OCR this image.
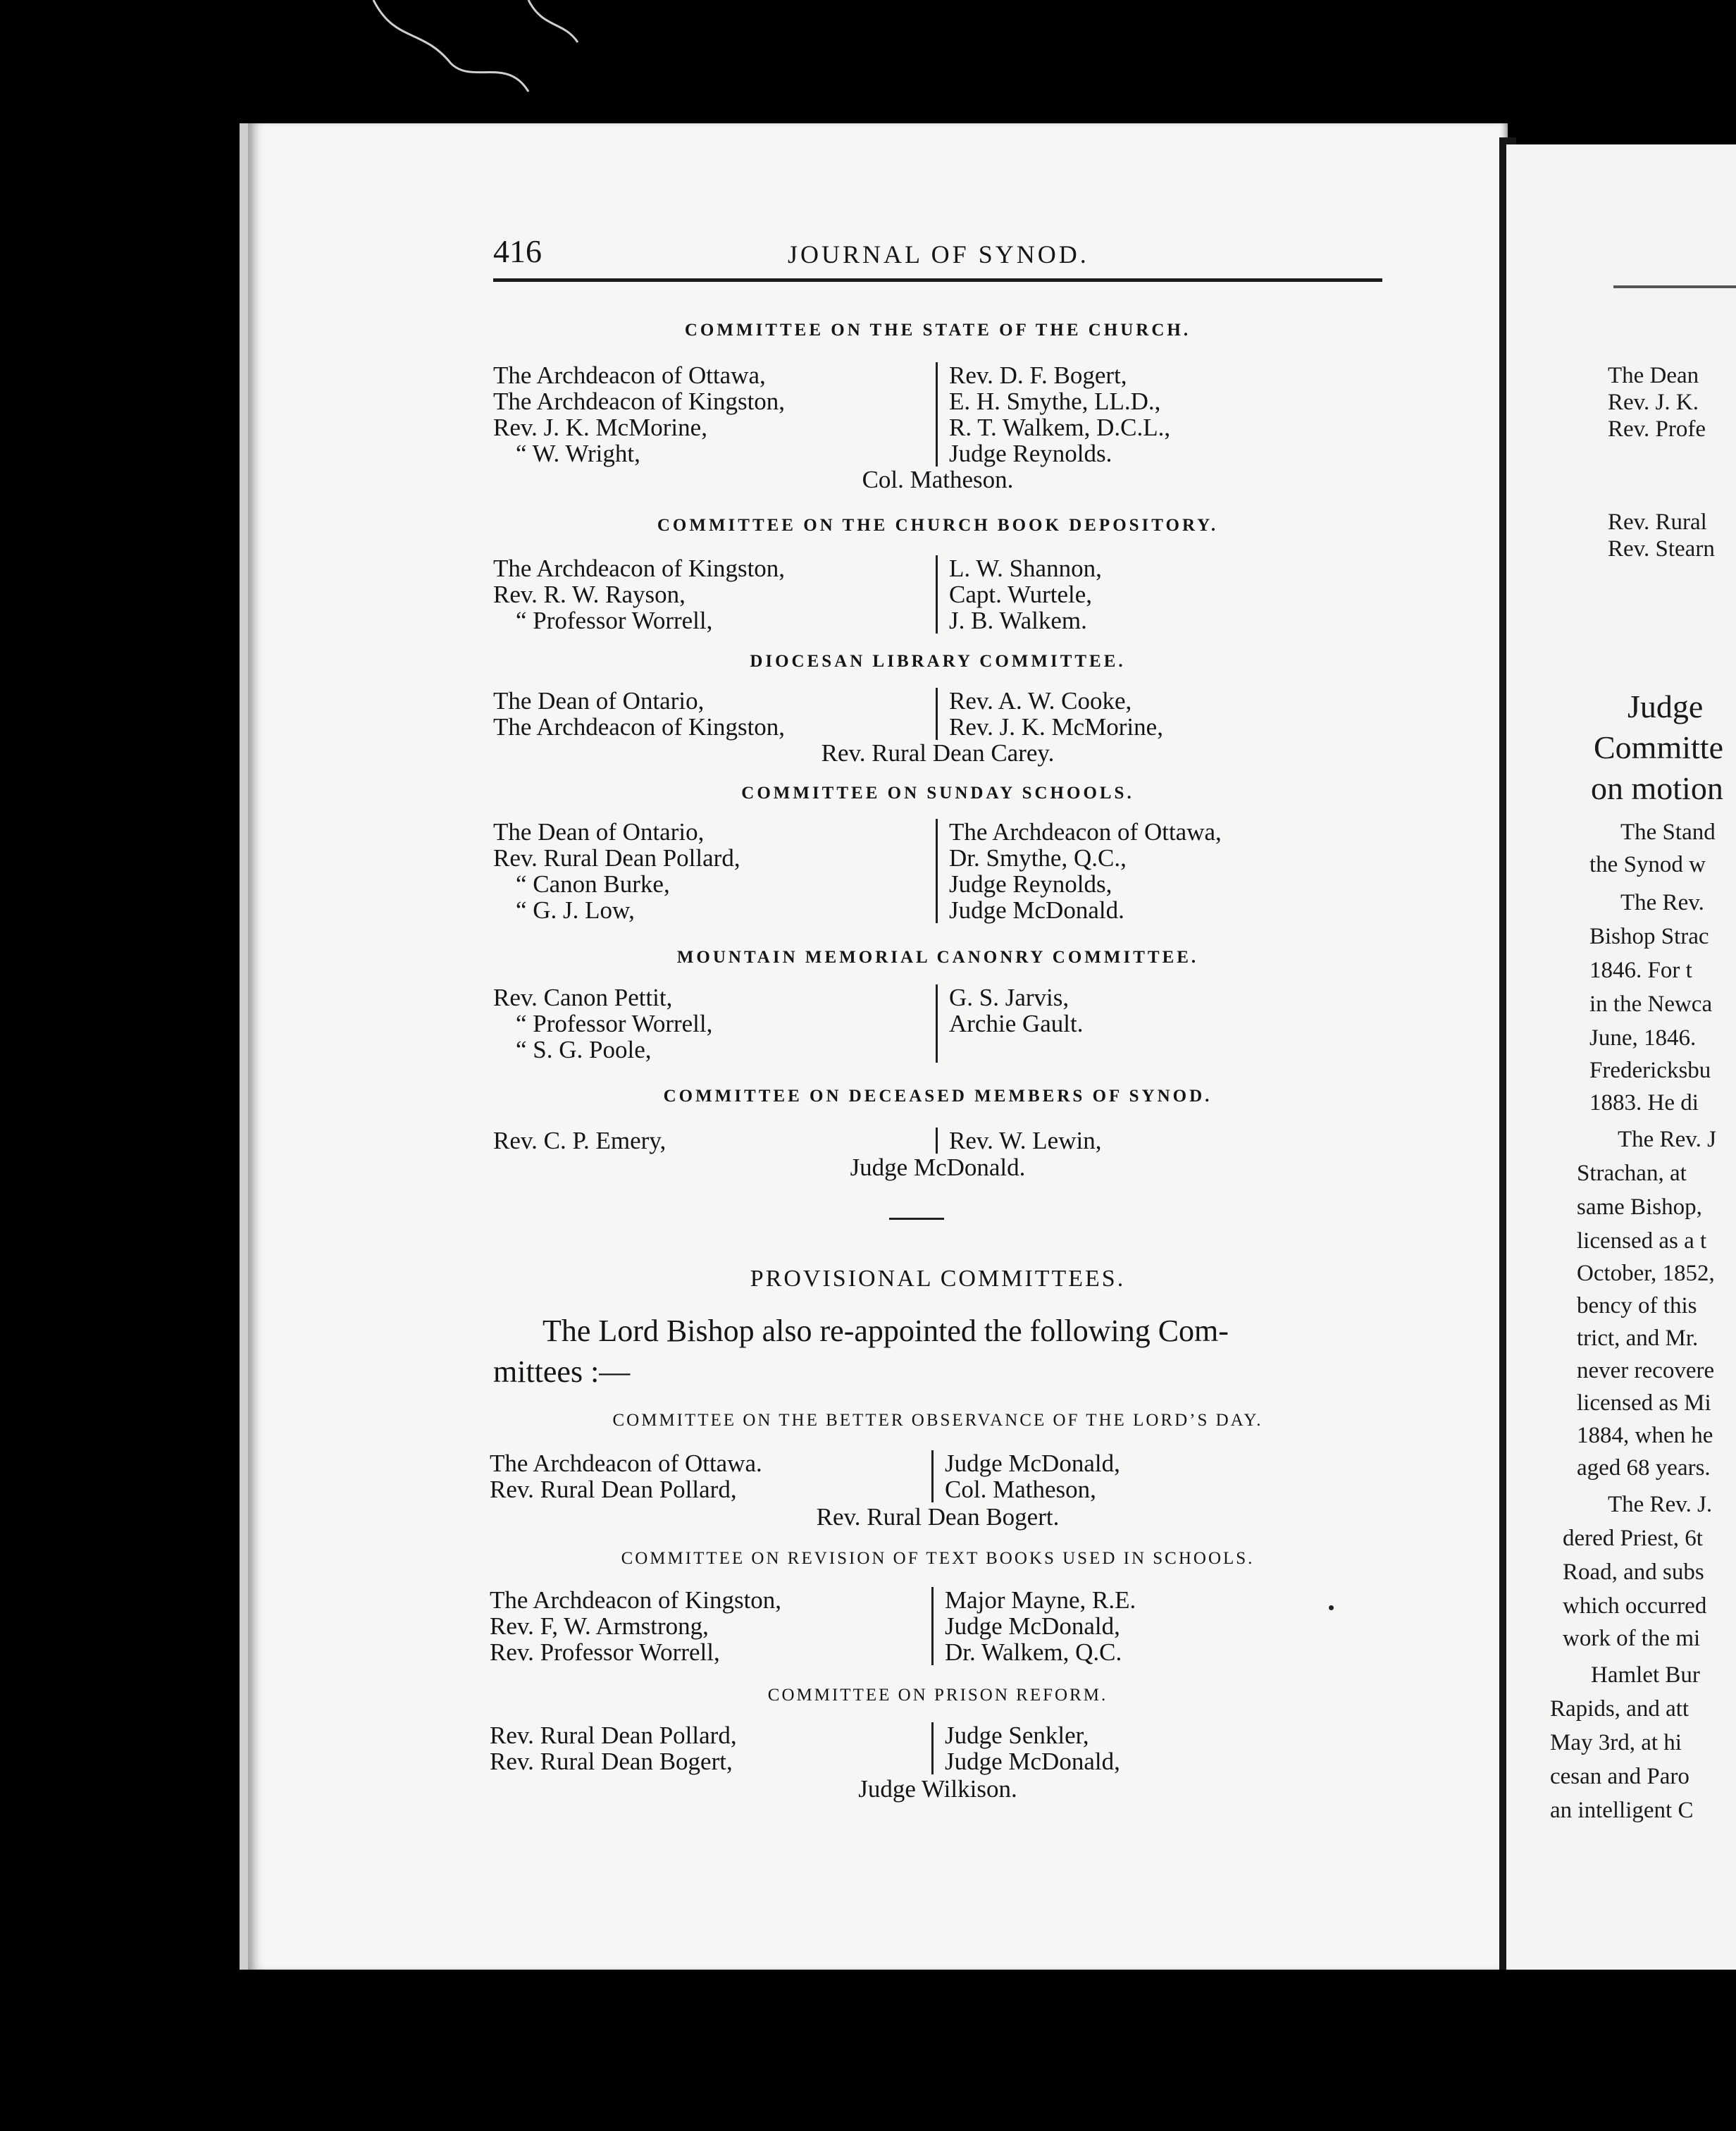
416	JOURNAL OF SYNOD.
COMMITTEE ON THE STATE OF THE CHURCH.
The Archdeacon of Ottawa,
The Archdeacon of Kingston,
Rev. J. K. McMorine,
“ W. Wright,
Rev. D. F. Bogert,
E. H. Smythe, LL.D.,
R. T. Walkem, D.C.L.,
Judge Reynolds.
Col. Matheson.
COMMITTEE ON THE CHURCH BOOK DEPOSITORY.
The Archdeacon of Kingston,
Rev. R. W. Rayson,
“ Professor Worrell,
L. W. Shannon,
Capt. Wurtele,
J. B. Walkem.
DIOCESAN LIBRARY COMMITTEE.
The Dean of Ontario,
The Archdeacon of Kingston,
Rev. A. W. Cooke,
Rev. J. K. McMorine,
Rev. Rural Dean Carey.
COMMITTEE ON SUNDAY SCHOOLS.
The Dean of Ontario,
Rev. Rural Dean Pollard,
“ Canon Burke,
“ G. J. Low,
The Archdeacon of Ottawa,
Dr. Smythe, Q.C.,
Judge Reynolds,
Judge McDonald.
MOUNTAIN MEMORIAL CANONRY COMMITTEE.
Rev. Canon Pettit,
“ Professor Worrell,
“ S. G. Poole,
G. S. Jarvis,
Archie Gault.
COMMITTEE ON DECEASED MEMBERS OF SYNOD.
Rev. C. P. Emery,	Rev. W. Lewin,
Judge McDonald.
PROVISIONAL COMMITTEES.
The Lord Bishop also re-appointed the following Com-
mittees :—
COMMITTEE ON THE BETTER OBSERVANCE OF THE LORD’S DAY.
The Archdeacon of Ottawa.
Rev. Rural Dean Pollard,
Judge McDonald,
Col. Matheson,
Rev. Rural Dean Bogert.
COMMITTEE ON REVISION OF TEXT BOOKS USED IN SCHOOLS.
The Archdeacon of Kingston,
Rev. F, W. Armstrong,
Rev. Professor Worrell,
Major Mayne, R.E.
Judge McDonald,
Dr. Walkem, Q.C.
COMMITTEE ON PRISON REFORM.
Rev. Rural Dean Pollard,
Rev. Rural Dean Bogert,
Judge Senkler,
Judge McDonald,
Judge Wilkison.
The Dean
Rev. J. K.
Rev. Profe
Rev. Rural
Rev. Stearn
Judge
Committe
on motion
The Stand
the Synod w
The Rev.
Bishop Strac
1846. For t
in the Newca
June, 1846.
Fredericksbu
1883. He di
The Rev. J
Strachan, at
same Bishop,
licensed as a t
October, 1852,
bency of this
trict, and Mr.
never recovere
licensed as Mi
1884, when he
aged 68 years.
The Rev. J.
dered Priest, 6t
Road, and subs
which occurred
work of the mi
Hamlet Bur
Rapids, and att
May 3rd, at hi
cesan and Paro
an intelligent C
